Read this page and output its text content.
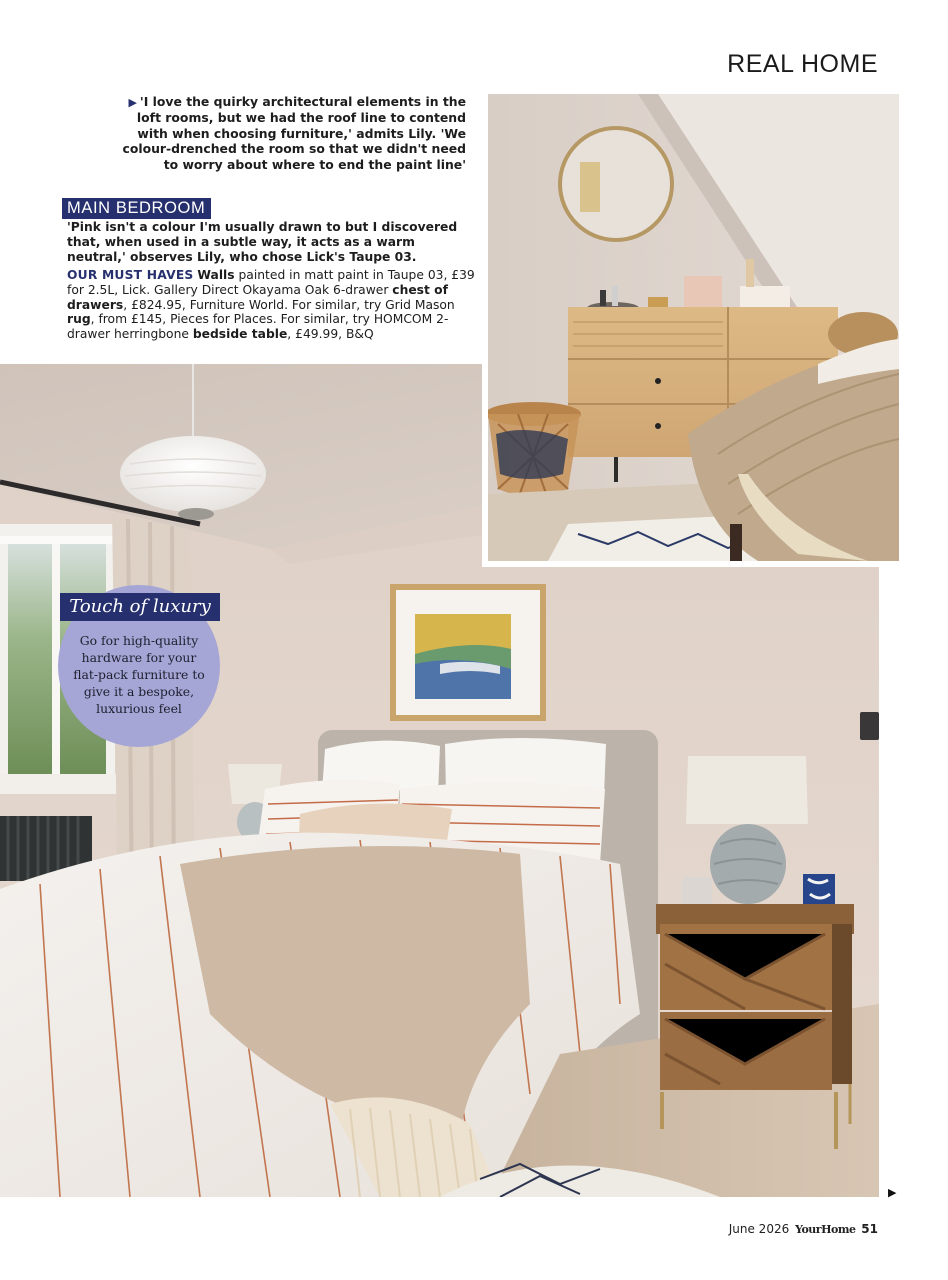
REAL HOME
▶ 'I love the quirky architectural elements in the loft rooms, but we had the roof line to contend with when choosing furniture,' admits Lily. 'We colour-drenched the room so that we didn't need to worry about where to end the paint line'
MAIN BEDROOM
'Pink isn't a colour I'm usually drawn to but I discovered that, when used in a subtle way, it acts as a warm neutral,' observes Lily, who chose Lick's Taupe 03.
OUR MUST HAVES Walls painted in matt paint in Taupe 03, £39 for 2.5L, Lick. Gallery Direct Okayama Oak 6-drawer chest of drawers, £824.95, Furniture World. For similar, try Grid Mason rug, from £145, Pieces for Places. For similar, try HOMCOM 2-drawer herringbone bedside table, £49.99, B&Q
Touch of luxury
Go for high-quality hardware for your flat-pack furniture to give it a bespoke, luxurious feel
▶
June 2026 YourHome 51
